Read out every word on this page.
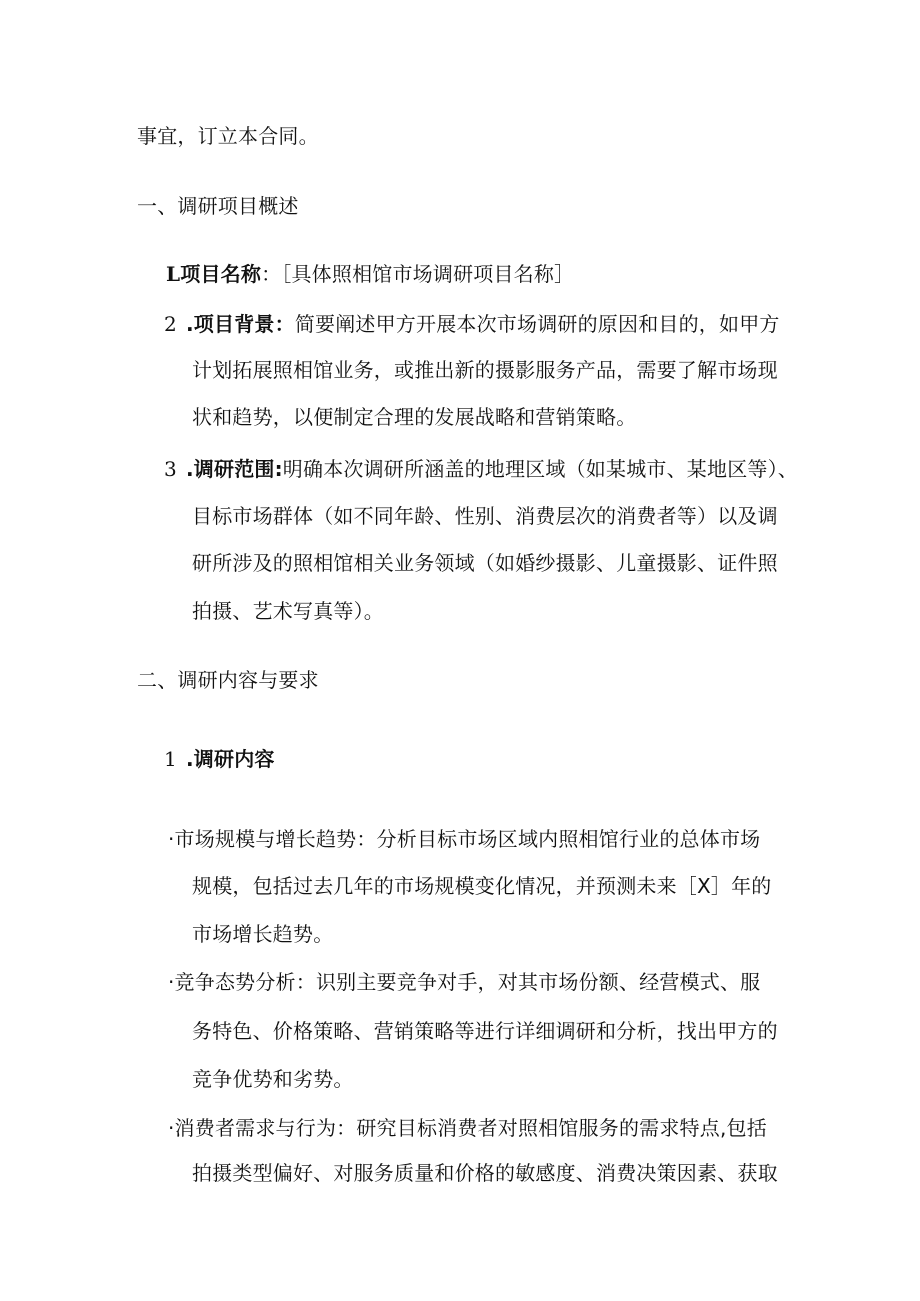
事宜，订立本合同。
一、调研项目概述
L项目名称：［具体照相馆市场调研项目名称］
2 .项目背景：简要阐述甲方开展本次市场调研的原因和目的，如甲方
计划拓展照相馆业务，或推出新的摄影服务产品，需要了解市场现
状和趋势，以便制定合理的发展战略和营销策略。
3 .调研范围:明确本次调研所涵盖的地理区域（如某城市、某地区等）、
目标市场群体（如不同年龄、性别、消费层次的消费者等）以及调
研所涉及的照相馆相关业务领域（如婚纱摄影、儿童摄影、证件照
拍摄、艺术写真等）。
二、调研内容与要求
1 .调研内容
·市场规模与增长趋势：分析目标市场区域内照相馆行业的总体市场
规模，包括过去几年的市场规模变化情况，并预测未来［X］年的
市场增长趋势。
·竞争态势分析：识别主要竞争对手，对其市场份额、经营模式、服
务特色、价格策略、营销策略等进行详细调研和分析，找出甲方的
竞争优势和劣势。
·消费者需求与行为：研究目标消费者对照相馆服务的需求特点,包括
拍摄类型偏好、对服务质量和价格的敏感度、消费决策因素、获取
